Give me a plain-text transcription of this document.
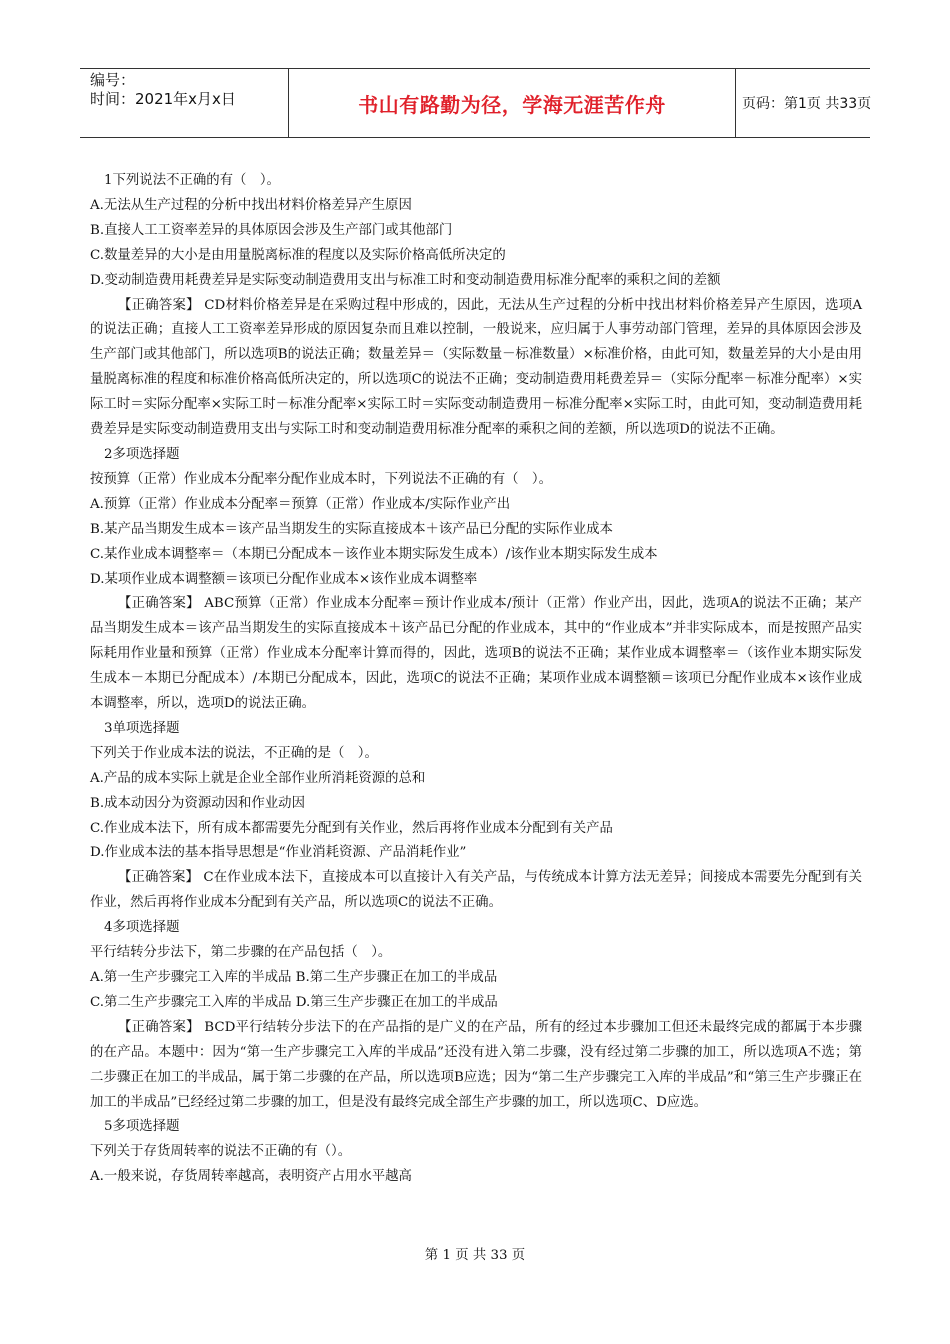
编号：
时间：2021年x月x日	书山有路勤为径，学海无涯苦作舟	页码：第1页 共33页

1下列说法不正确的有（　）。

A.无法从生产过程的分析中找出材料价格差异产生原因

B.直接人工工资率差异的具体原因会涉及生产部门或其他部门

C.数量差异的大小是由用量脱离标准的程度以及实际价格高低所决定的

D.变动制造费用耗费差异是实际变动制造费用支出与标准工时和变动制造费用标准分配率的乘积之间的差额

【正确答案】 CD材料价格差异是在采购过程中形成的，因此，无法从生产过程的分析中找出材料价格差异产生原因，选项A的说法正确；直接人工工资率差异形成的原因复杂而且难以控制，一般说来，应归属于人事劳动部门管理，差异的具体原因会涉及生产部门或其他部门，所以选项B的说法正确；数量差异＝（实际数量－标准数量）×标准价格，由此可知，数量差异的大小是由用量脱离标准的程度和标准价格高低所决定的，所以选项C的说法不正确；变动制造费用耗费差异＝（实际分配率－标准分配率）×实际工时＝实际分配率×实际工时－标准分配率×实际工时＝实际变动制造费用－标准分配率×实际工时，由此可知，变动制造费用耗费差异是实际变动制造费用支出与实际工时和变动制造费用标准分配率的乘积之间的差额，所以选项D的说法不正确。

2多项选择题

按预算（正常）作业成本分配率分配作业成本时，下列说法不正确的有（　）。

A.预算（正常）作业成本分配率＝预算（正常）作业成本/实际作业产出

B.某产品当期发生成本＝该产品当期发生的实际直接成本＋该产品已分配的实际作业成本

C.某作业成本调整率＝（本期已分配成本－该作业本期实际发生成本）/该作业本期实际发生成本

D.某项作业成本调整额＝该项已分配作业成本×该作业成本调整率

【正确答案】 ABC预算（正常）作业成本分配率＝预计作业成本/预计（正常）作业产出，因此，选项A的说法不正确；某产品当期发生成本＝该产品当期发生的实际直接成本＋该产品已分配的作业成本，其中的“作业成本”并非实际成本，而是按照产品实际耗用作业量和预算（正常）作业成本分配率计算而得的，因此，选项B的说法不正确；某作业成本调整率＝（该作业本期实际发生成本－本期已分配成本）/本期已分配成本，因此，选项C的说法不正确；某项作业成本调整额＝该项已分配作业成本×该作业成本调整率，所以，选项D的说法正确。

3单项选择题

下列关于作业成本法的说法，不正确的是（　）。

A.产品的成本实际上就是企业全部作业所消耗资源的总和

B.成本动因分为资源动因和作业动因

C.作业成本法下，所有成本都需要先分配到有关作业，然后再将作业成本分配到有关产品

D.作业成本法的基本指导思想是“作业消耗资源、产品消耗作业”

【正确答案】 C在作业成本法下，直接成本可以直接计入有关产品，与传统成本计算方法无差异；间接成本需要先分配到有关作业，然后再将作业成本分配到有关产品，所以选项C的说法不正确。

4多项选择题

平行结转分步法下，第二步骤的在产品包括（　）。

A.第一生产步骤完工入库的半成品 B.第二生产步骤正在加工的半成品

C.第二生产步骤完工入库的半成品 D.第三生产步骤正在加工的半成品

【正确答案】 BCD平行结转分步法下的在产品指的是广义的在产品，所有的经过本步骤加工但还未最终完成的都属于本步骤的在产品。本题中：因为“第一生产步骤完工入库的半成品”还没有进入第二步骤，没有经过第二步骤的加工，所以选项A不选；第二步骤正在加工的半成品，属于第二步骤的在产品，所以选项B应选；因为“第二生产步骤完工入库的半成品”和“第三生产步骤正在加工的半成品”已经经过第二步骤的加工，但是没有最终完成全部生产步骤的加工，所以选项C、D应选。

5多项选择题

下列关于存货周转率的说法不正确的有（）。

A.一般来说，存货周转率越高，表明资产占用水平越高

第 1 页 共 33 页
